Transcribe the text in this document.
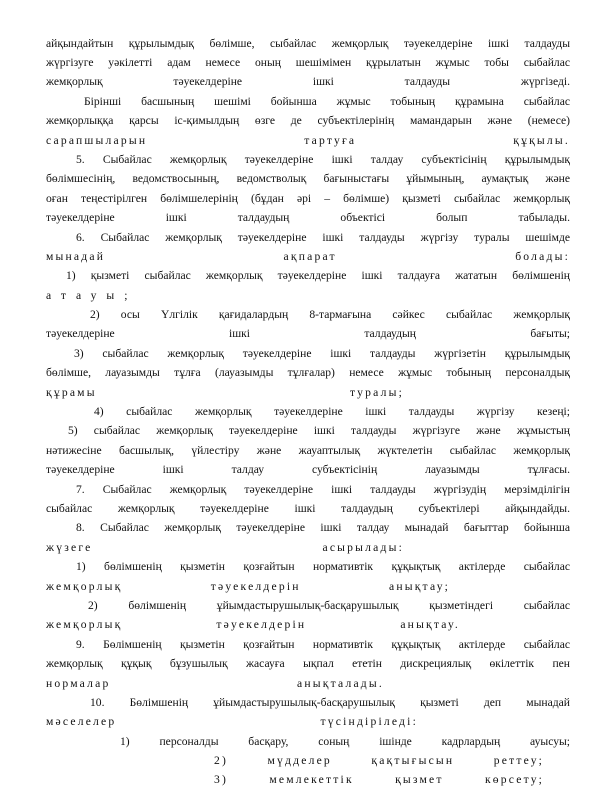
айқындайтын құрылымдық бөлімше, сыбайлас жемқорлық тәуекелдеріне ішкі талдауды
жүргізуге уәкілетті адам немесе оның шешімімен құрылатын жұмыс тобы сыбайлас
жемқорлық тәуекелдеріне ішкі талдауды жүргізеді.
Бірінші басшының шешімі бойынша жұмыс тобының құрамына сыбайлас
жемқорлыққа қарсы іс-қимылдың өзге де субъектілерінің мамандарын және (немесе)
сарапшыларын тартуға құқылы.
5. Сыбайлас жемқорлық тәуекелдеріне ішкі талдау субъектісінің құрылымдық
бөлімшесінің, ведомствосының, ведомстволық бағыныстағы ұйымының, аумақтық және
оған теңестірілген бөлімшелерінің (бұдан әрі – бөлімше) қызметі сыбайлас жемқорлық
тәуекелдеріне ішкі талдаудың объектісі болып табылады.
6. Сыбайлас жемқорлық тәуекелдеріне ішкі талдауды жүргізу туралы шешімде
мынадай ақпарат болады:
1) қызметі сыбайлас жемқорлық тәуекелдеріне ішкі талдауға жататын бөлімшенің
атауы;
2) осы Үлгілік қағидалардың 8-тармағына сәйкес сыбайлас жемқорлық
тәуекелдеріне ішкі талдаудың бағыты;
3) сыбайлас жемқорлық тәуекелдеріне ішкі талдауды жүргізетін құрылымдық
бөлімше, лауазымды тұлға (лауазымды тұлғалар) немесе жұмыс тобының персоналдық
құрамы туралы;
4) сыбайлас жемқорлық тәуекелдеріне ішкі талдауды жүргізу кезеңі;
5) сыбайлас жемқорлық тәуекелдеріне ішкі талдауды жүргізуге және жұмыстың
нәтижесіне басшылық, үйлестіру және жауаптылық жүктелетін сыбайлас жемқорлық
тәуекелдеріне ішкі талдау субъектісінің лауазымды тұлғасы.
7. Сыбайлас жемқорлық тәуекелдеріне ішкі талдауды жүргізудің мерзімділігін
сыбайлас жемқорлық тәуекелдеріне ішкі талдаудың субъектілері айқындайды.
8. Сыбайлас жемқорлық тәуекелдеріне ішкі талдау мынадай бағыттар бойынша
жүзеге асырылады:
1) бөлімшенің қызметін қозғайтын нормативтік құқықтық актілерде сыбайлас
жемқорлық тәуекелдерін анықтау;
2) бөлімшенің ұйымдастырушылық-басқарушылық қызметіндегі сыбайлас
жемқорлық тәуекелдерін анықтау.
9. Бөлімшенің қызметін қозғайтын нормативтік құқықтық актілерде сыбайлас
жемқорлық құқық бұзушылық жасауға ықпал ететін дискрециялық өкілеттік пен
нормалар анықталады.
10. Бөлімшенің ұйымдастырушылық-басқарушылық қызметі деп мынадай
мәселелер түсіндіріледі:
1) персоналды басқару, соның ішінде кадрлардың ауысуы;
2) мүдделер қақтығысын реттеу;
3) мемлекеттік қызмет көрсету;
